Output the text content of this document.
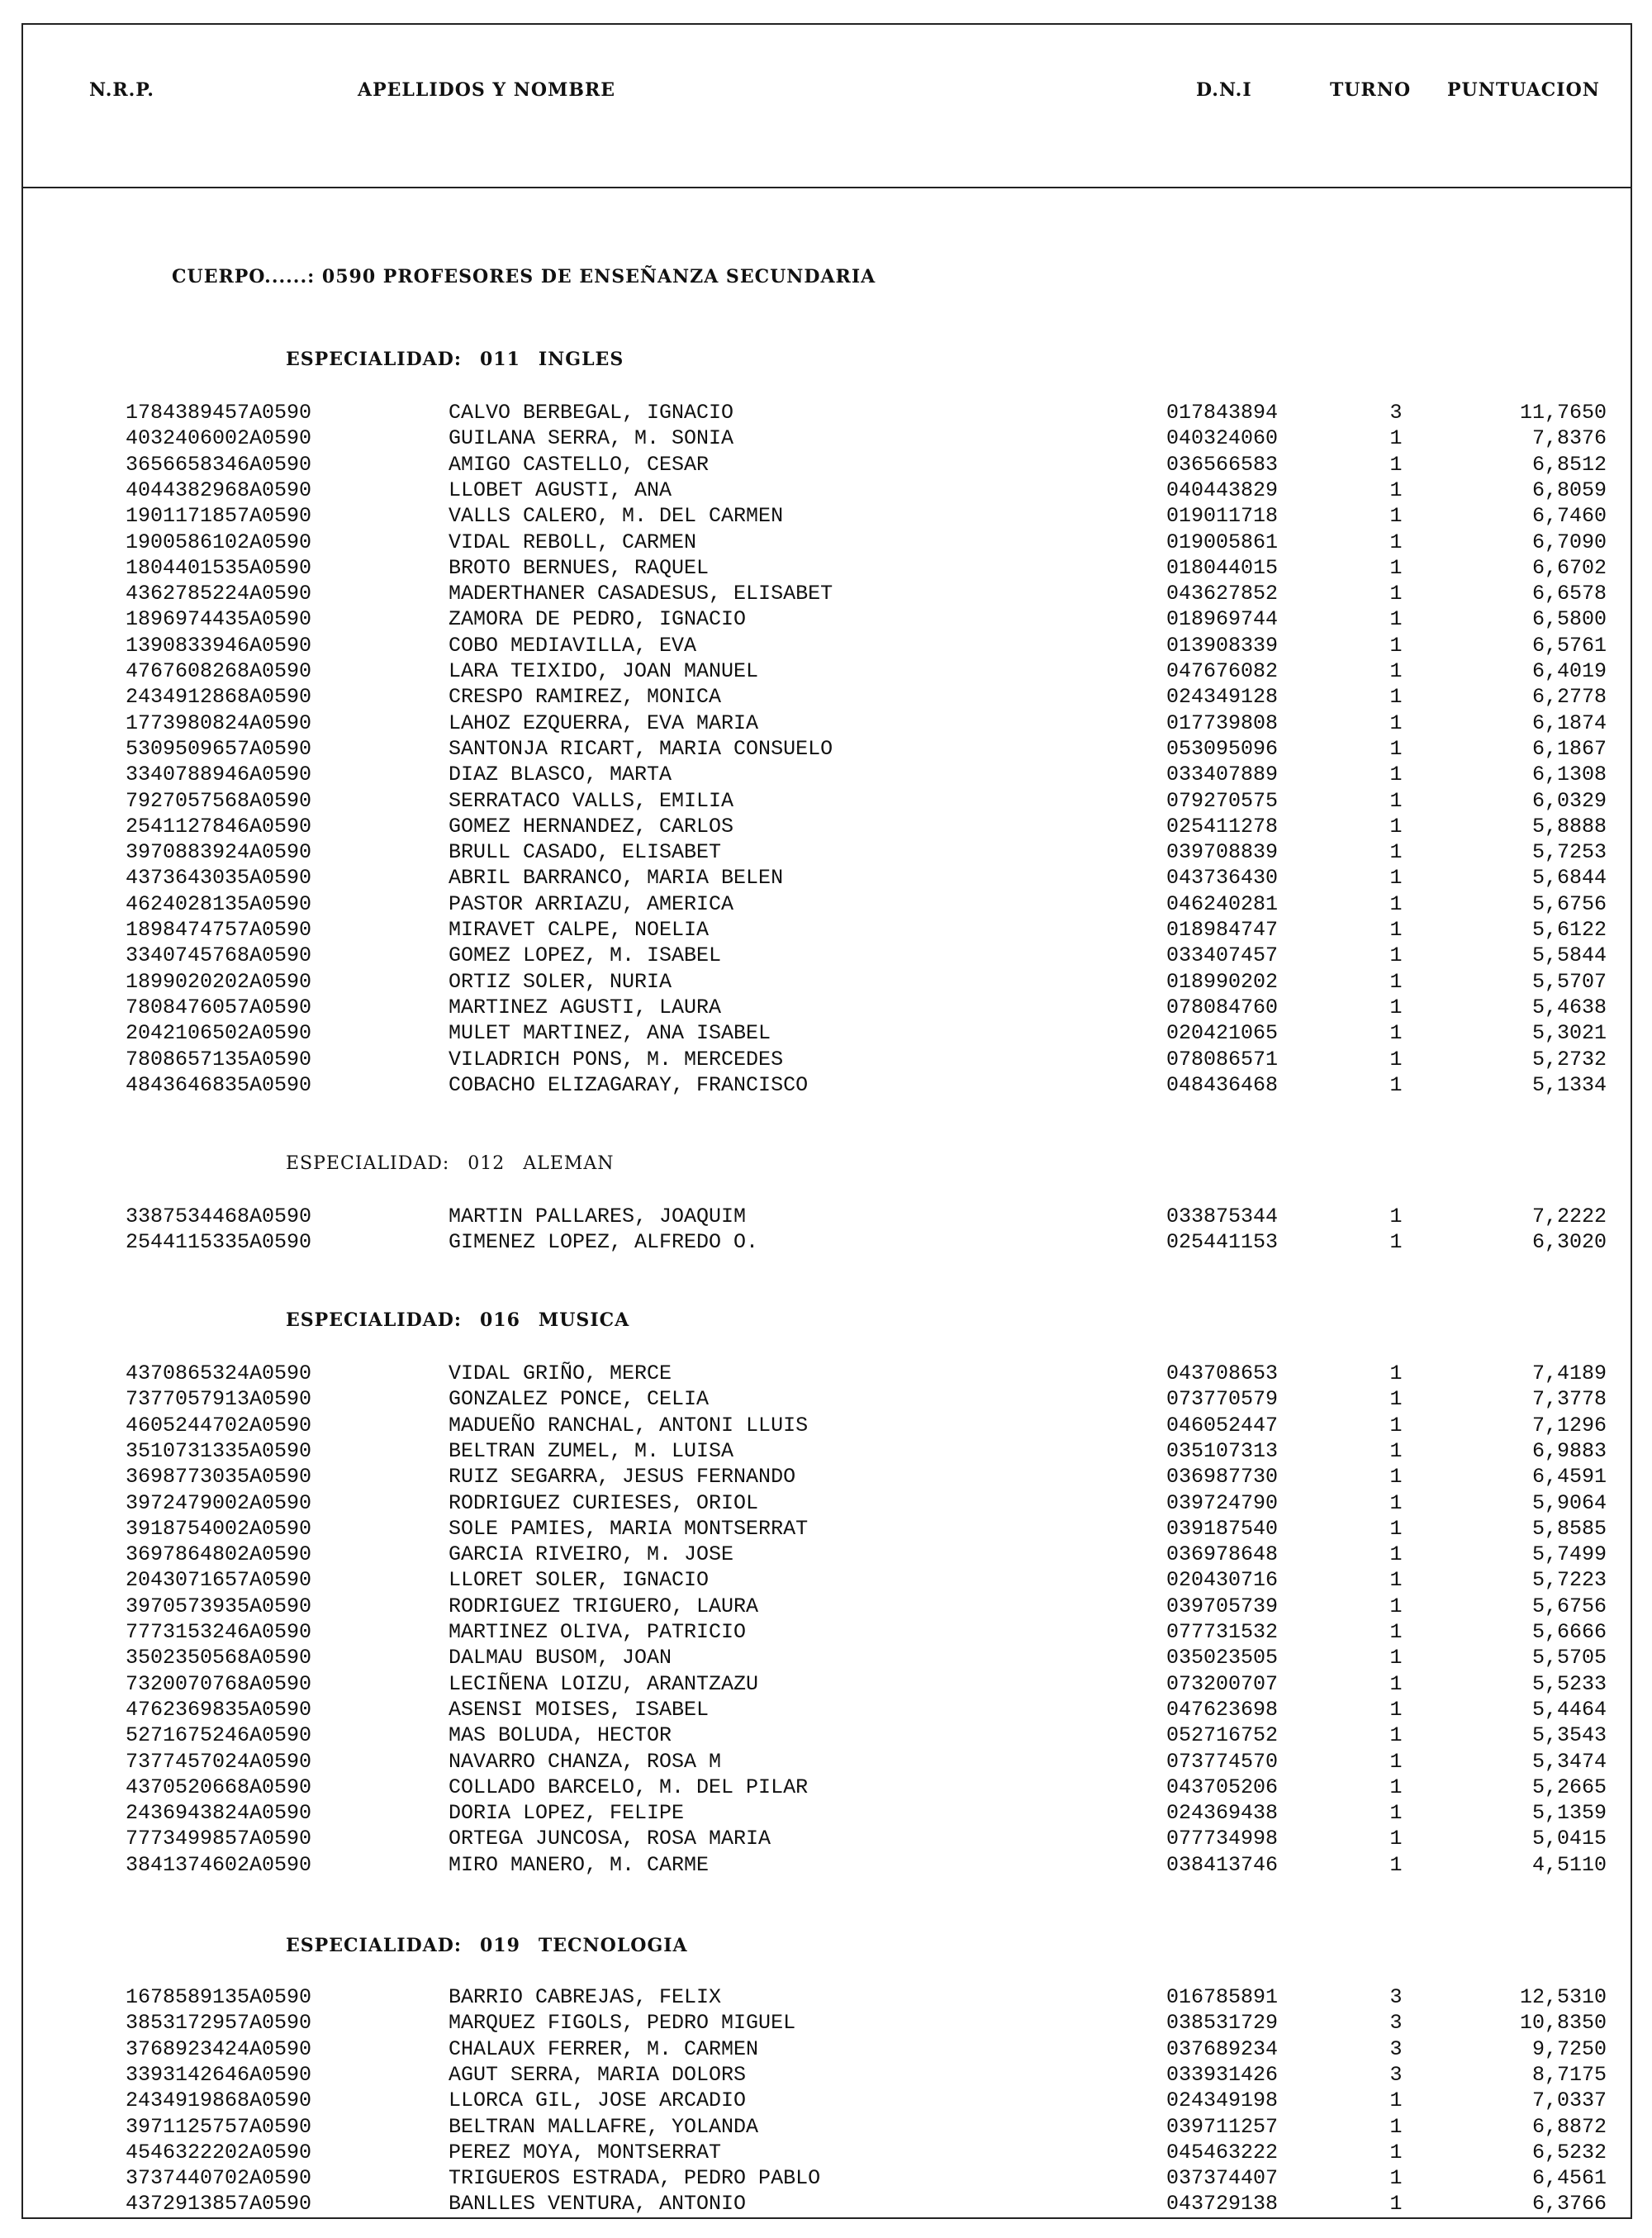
N.R.P.	APELLIDOS Y NOMBRE	D.N.I	TURNO PUNTUACION
CUERPO......: 0590 PROFESORES DE ENSEÑANZA SECUNDARIA
ESPECIALIDAD: 011 INGLES
1784389457A0590	CALVO BERBEGAL, IGNACIO	017843894	3	11,7650
4032406002A0590	GUILANA SERRA, M. SONIA	040324060	1	7,8376
3656658346A0590	AMIGO CASTELLO, CESAR	036566583	1	6,8512
4044382968A0590	LLOBET AGUSTI, ANA	040443829	1	6,8059
1901171857A0590	VALLS CALERO, M. DEL CARMEN	019011718	1	6,7460
1900586102A0590	VIDAL REBOLL, CARMEN	019005861	1	6,7090
1804401535A0590	BROTO BERNUES, RAQUEL	018044015	1	6,6702
4362785224A0590	MADERTHANER CASADESUS, ELISABET	043627852	1	6,6578
1896974435A0590	ZAMORA DE PEDRO, IGNACIO	018969744	1	6,5800
1390833946A0590	COBO MEDIAVILLA, EVA	013908339	1	6,5761
4767608268A0590	LARA TEIXIDO, JOAN MANUEL	047676082	1	6,4019
2434912868A0590	CRESPO RAMIREZ, MONICA	024349128	1	6,2778
1773980824A0590	LAHOZ EZQUERRA, EVA MARIA	017739808	1	6,1874
5309509657A0590	SANTONJA RICART, MARIA CONSUELO	053095096	1	6,1867
3340788946A0590	DIAZ BLASCO, MARTA	033407889	1	6,1308
7927057568A0590	SERRATACO VALLS, EMILIA	079270575	1	6,0329
2541127846A0590	GOMEZ HERNANDEZ, CARLOS	025411278	1	5,8888
3970883924A0590	BRULL CASADO, ELISABET	039708839	1	5,7253
4373643035A0590	ABRIL BARRANCO, MARIA BELEN	043736430	1	5,6844
4624028135A0590	PASTOR ARRIAZU, AMERICA	046240281	1	5,6756
1898474757A0590	MIRAVET CALPE, NOELIA	018984747	1	5,6122
3340745768A0590	GOMEZ LOPEZ, M. ISABEL	033407457	1	5,5844
1899020202A0590	ORTIZ SOLER, NURIA	018990202	1	5,5707
7808476057A0590	MARTINEZ AGUSTI, LAURA	078084760	1	5,4638
2042106502A0590	MULET MARTINEZ, ANA ISABEL	020421065	1	5,3021
7808657135A0590	VILADRICH PONS, M. MERCEDES	078086571	1	5,2732
4843646835A0590	COBACHO ELIZAGARAY, FRANCISCO	048436468	1	5,1334
ESPECIALIDAD: 012 ALEMAN
3387534468A0590	MARTIN PALLARES, JOAQUIM	033875344	1	7,2222
2544115335A0590	GIMENEZ LOPEZ, ALFREDO O.	025441153	1	6,3020
ESPECIALIDAD: 016 MUSICA
4370865324A0590	VIDAL GRIÑO, MERCE	043708653	1	7,4189
7377057913A0590	GONZALEZ PONCE, CELIA	073770579	1	7,3778
4605244702A0590	MADUEÑO RANCHAL, ANTONI LLUIS	046052447	1	7,1296
3510731335A0590	BELTRAN ZUMEL, M. LUISA	035107313	1	6,9883
3698773035A0590	RUIZ SEGARRA, JESUS FERNANDO	036987730	1	6,4591
3972479002A0590	RODRIGUEZ CURIESES, ORIOL	039724790	1	5,9064
3918754002A0590	SOLE PAMIES, MARIA MONTSERRAT	039187540	1	5,8585
3697864802A0590	GARCIA RIVEIRO, M. JOSE	036978648	1	5,7499
2043071657A0590	LLORET SOLER, IGNACIO	020430716	1	5,7223
3970573935A0590	RODRIGUEZ TRIGUERO, LAURA	039705739	1	5,6756
7773153246A0590	MARTINEZ OLIVA, PATRICIO	077731532	1	5,6666
3502350568A0590	DALMAU BUSOM, JOAN	035023505	1	5,5705
7320070768A0590	LECIÑENA LOIZU, ARANTZAZU	073200707	1	5,5233
4762369835A0590	ASENSI MOISES, ISABEL	047623698	1	5,4464
5271675246A0590	MAS BOLUDA, HECTOR	052716752	1	5,3543
7377457024A0590	NAVARRO CHANZA, ROSA M	073774570	1	5,3474
4370520668A0590	COLLADO BARCELO, M. DEL PILAR	043705206	1	5,2665
2436943824A0590	DORIA LOPEZ, FELIPE	024369438	1	5,1359
7773499857A0590	ORTEGA JUNCOSA, ROSA MARIA	077734998	1	5,0415
3841374602A0590	MIRO MANERO, M. CARME	038413746	1	4,5110
ESPECIALIDAD: 019 TECNOLOGIA
1678589135A0590	BARRIO CABREJAS, FELIX	016785891	3	12,5310
3853172957A0590	MARQUEZ FIGOLS, PEDRO MIGUEL	038531729	3	10,8350
3768923424A0590	CHALAUX FERRER, M. CARMEN	037689234	3	9,7250
3393142646A0590	AGUT SERRA, MARIA DOLORS	033931426	3	8,7175
2434919868A0590	LLORCA GIL, JOSE ARCADIO	024349198	1	7,0337
3971125757A0590	BELTRAN MALLAFRE, YOLANDA	039711257	1	6,8872
4546322202A0590	PEREZ MOYA, MONTSERRAT	045463222	1	6,5232
3737440702A0590	TRIGUEROS ESTRADA, PEDRO PABLO	037374407	1	6,4561
4372913857A0590	BANLLES VENTURA, ANTONIO	043729138	1	6,3766
